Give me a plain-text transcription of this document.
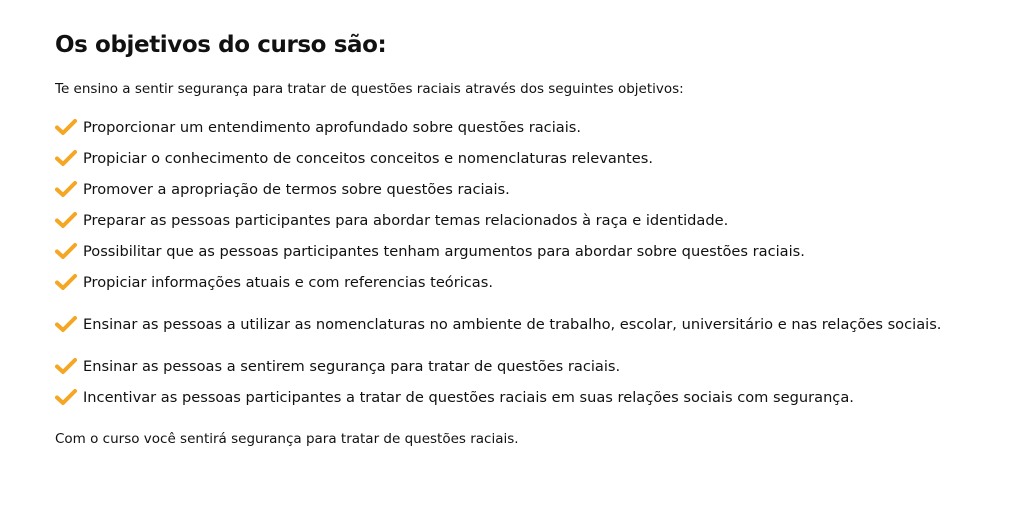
Os objetivos do curso são:

Te ensino a sentir segurança para tratar de questões raciais através dos seguintes objetivos:

Proporcionar um entendimento aprofundado sobre questões raciais.
Propiciar o conhecimento de conceitos conceitos e nomenclaturas relevantes.
Promover a apropriação de termos sobre questões raciais.
Preparar as pessoas participantes para abordar temas relacionados à raça e identidade.
Possibilitar que as pessoas participantes tenham argumentos para abordar sobre questões raciais.
Propiciar informações atuais e com referencias teóricas.
Ensinar as pessoas a utilizar as nomenclaturas no ambiente de trabalho, escolar, universitário e nas relações sociais.
Ensinar as pessoas a sentirem segurança para tratar de questões raciais.
Incentivar as pessoas participantes a tratar de questões raciais em suas relações sociais com segurança.

Com o curso você sentirá segurança para tratar de questões raciais.
